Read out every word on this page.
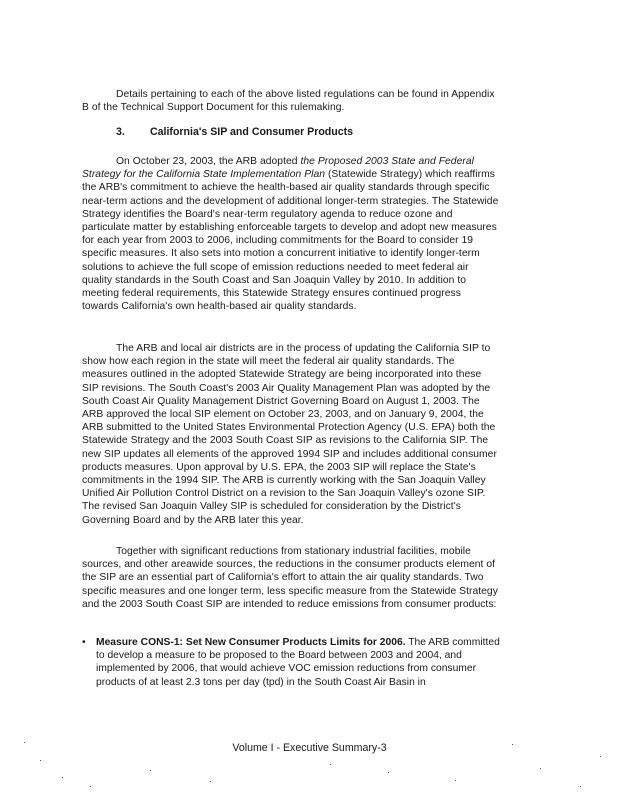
Details pertaining to each of the above listed regulations can be found in Appendix B of the Technical Support Document for this rulemaking.

3. California's SIP and Consumer Products

On October 23, 2003, the ARB adopted the Proposed 2003 State and Federal Strategy for the California State Implementation Plan (Statewide Strategy) which reaffirms the ARB's commitment to achieve the health-based air quality standards through specific near-term actions and the development of additional longer-term strategies. The Statewide Strategy identifies the Board's near-term regulatory agenda to reduce ozone and particulate matter by establishing enforceable targets to develop and adopt new measures for each year from 2003 to 2006, including commitments for the Board to consider 19 specific measures. It also sets into motion a concurrent initiative to identify longer-term solutions to achieve the full scope of emission reductions needed to meet federal air quality standards in the South Coast and San Joaquin Valley by 2010. In addition to meeting federal requirements, this Statewide Strategy ensures continued progress towards California's own health-based air quality standards.

The ARB and local air districts are in the process of updating the California SIP to show how each region in the state will meet the federal air quality standards. The measures outlined in the adopted Statewide Strategy are being incorporated into these SIP revisions. The South Coast's 2003 Air Quality Management Plan was adopted by the South Coast Air Quality Management District Governing Board on August 1, 2003. The ARB approved the local SIP element on October 23, 2003, and on January 9, 2004, the ARB submitted to the United States Environmental Protection Agency (U.S. EPA) both the Statewide Strategy and the 2003 South Coast SIP as revisions to the California SIP. The new SIP updates all elements of the approved 1994 SIP and includes additional consumer products measures. Upon approval by U.S. EPA, the 2003 SIP will replace the State's commitments in the 1994 SIP. The ARB is currently working with the San Joaquin Valley Unified Air Pollution Control District on a revision to the San Joaquin Valley's ozone SIP. The revised San Joaquin Valley SIP is scheduled for consideration by the District's Governing Board and by the ARB later this year.

Together with significant reductions from stationary industrial facilities, mobile sources, and other areawide sources, the reductions in the consumer products element of the SIP are an essential part of California's effort to attain the air quality standards. Two specific measures and one longer term, less specific measure from the Statewide Strategy and the 2003 South Coast SIP are intended to reduce emissions from consumer products:

• Measure CONS-1: Set New Consumer Products Limits for 2006. The ARB committed to develop a measure to be proposed to the Board between 2003 and 2004, and implemented by 2006, that would achieve VOC emission reductions from consumer products of at least 2.3 tons per day (tpd) in the South Coast Air Basin in

Volume I - Executive Summary-3
